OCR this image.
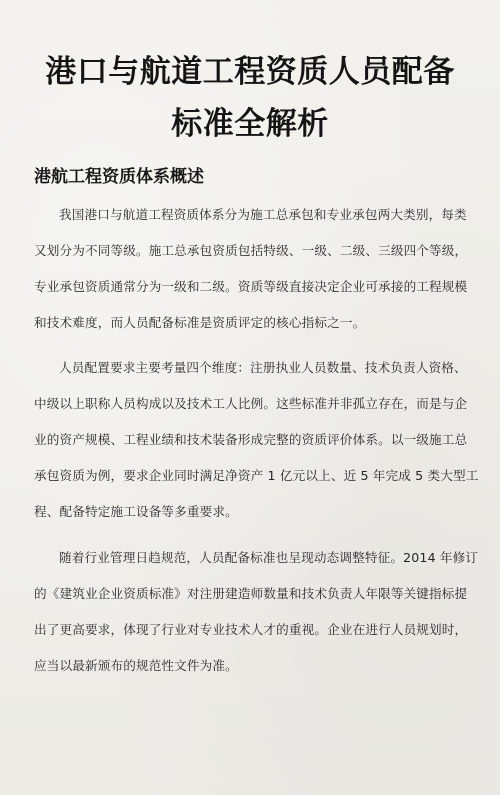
港口与航道工程资质人员配备
标准全解析
港航工程资质体系概述
我国港口与航道工程资质体系分为施工总承包和专业承包两大类别，每类
又划分为不同等级。施工总承包资质包括特级、一级、二级、三级四个等级，
专业承包资质通常分为一级和二级。资质等级直接决定企业可承接的工程规模
和技术难度，而人员配备标准是资质评定的核心指标之一。
人员配置要求主要考量四个维度：注册执业人员数量、技术负责人资格、
中级以上职称人员构成以及技术工人比例。这些标准并非孤立存在，而是与企
业的资产规模、工程业绩和技术装备形成完整的资质评价体系。以一级施工总
承包资质为例，要求企业同时满足净资产 1 亿元以上、近 5 年完成 5 类大型工
程、配备特定施工设备等多重要求。
随着行业管理日趋规范，人员配备标准也呈现动态调整特征。2014 年修订
的《建筑业企业资质标准》对注册建造师数量和技术负责人年限等关键指标提
出了更高要求，体现了行业对专业技术人才的重视。企业在进行人员规划时，
应当以最新颁布的规范性文件为准。
